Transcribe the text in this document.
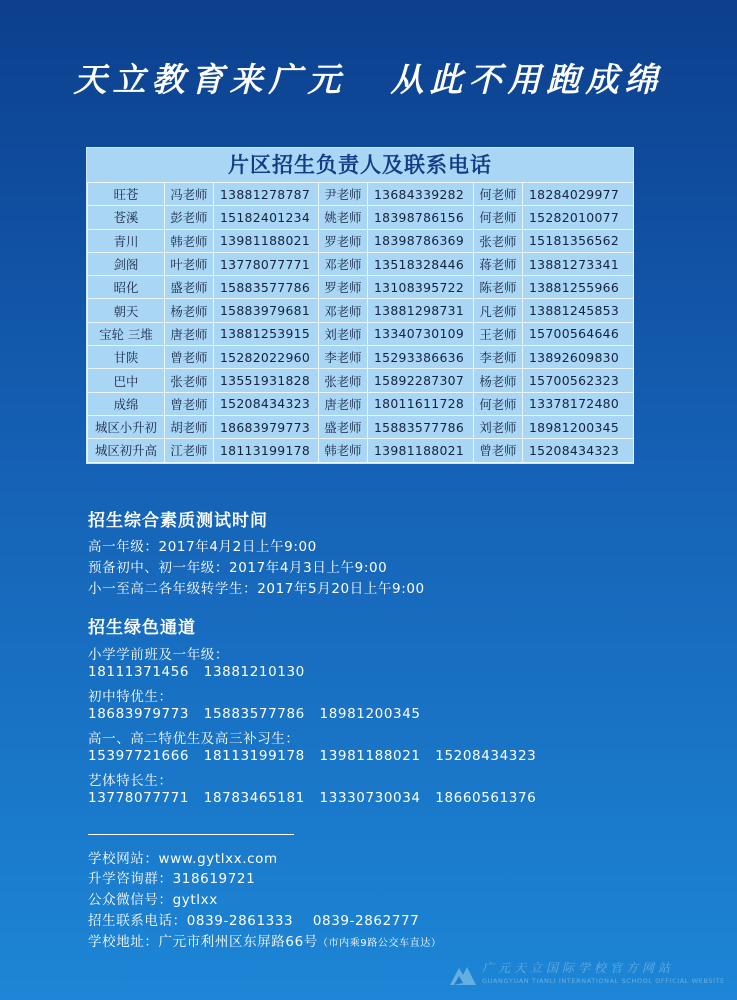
天立教育来广元 从此不用跑成绵
片区招生负责人及联系电话
旺苍	冯老师	13881278787	尹老师	13684339282	何老师	18284029977
苍溪	彭老师	15182401234	姚老师	18398786156	何老师	15282010077
青川	韩老师	13981188021	罗老师	18398786369	张老师	15181356562
剑阁	叶老师	13778077771	邓老师	13518328446	蒋老师	13881273341
昭化	盛老师	15883577786	罗老师	13108395722	陈老师	13881255966
朝天	杨老师	15883979681	邓老师	13881298731	凡老师	13881245853
宝轮 三堆	唐老师	13881253915	刘老师	13340730109	王老师	15700564646
甘陕	曾老师	15282022960	李老师	15293386636	李老师	13892609830
巴中	张老师	13551931828	张老师	15892287307	杨老师	15700562323
成绵	曾老师	15208434323	唐老师	18011611728	何老师	13378172480
城区小升初	胡老师	18683979773	盛老师	15883577786	刘老师	18981200345
城区初升高	江老师	18113199178	韩老师	13981188021	曾老师	15208434323
招生综合素质测试时间
高一年级：2017年4月2日上午9:00
预备初中、初一年级：2017年4月3日上午9:00
小一至高二各年级转学生：2017年5月20日上午9:00
招生绿色通道
小学学前班及一年级：
18111371456   13881210130
初中特优生：
18683979773   15883577786   18981200345
高一、高二特优生及高三补习生：
15397721666   18113199178   13981188021   15208434323
艺体特长生：
13778077771   18783465181   13330730034   18660561376
学校网站：www.gytlxx.com
升学咨询群：318619721
公众微信号：gytlxx
招生联系电话：0839-2861333    0839-2862777
学校地址：广元市利州区东屏路66号（市内乘9路公交车直达）
广元天立国际学校官方网站
GUANGYUAN TIANLI INTERNATIONAL SCHOOL OFFICIAL WEBSITE
